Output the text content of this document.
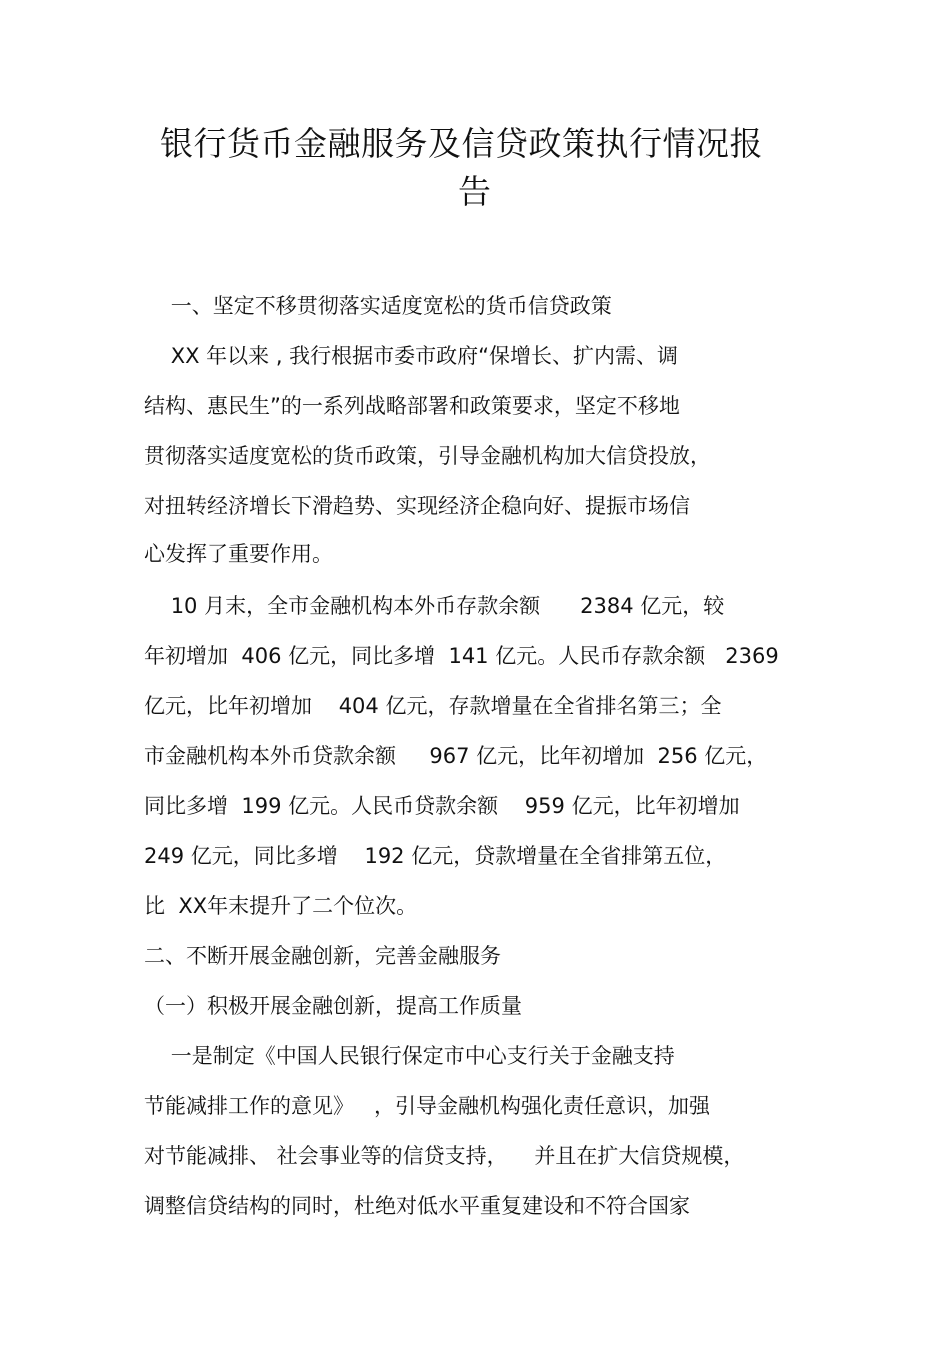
银行货币金融服务及信贷政策执行情况报
告
一、坚定不移贯彻落实适度宽松的货币信贷政策
XX 年以来 , 我行根据市委市政府“保增长、扩内需、调
结构、惠民生”的一系列战略部署和政策要求，坚定不移地
贯彻落实适度宽松的货币政策，引导金融机构加大信贷投放，
对扭转经济增长下滑趋势、实现经济企稳向好、提振市场信
心发挥了重要作用。
10 月末，全市金融机构本外币存款余额      2384 亿元，较
年初增加  406 亿元，同比多增  141 亿元。人民币存款余额   2369
亿元，比年初增加    404 亿元，存款增量在全省排名第三；全
市金融机构本外币贷款余额     967 亿元，比年初增加  256 亿元，
同比多增  199 亿元。人民币贷款余额    959 亿元，比年初增加
249 亿元，同比多增    192 亿元，贷款增量在全省排第五位，
比  XX年末提升了二个位次。
二、不断开展金融创新，完善金融服务
（一）积极开展金融创新，提高工作质量
一是制定《中国人民银行保定市中心支行关于金融支持
节能减排工作的意见》   ，引导金融机构强化责任意识，加强
对节能减排、 社会事业等的信贷支持，    并且在扩大信贷规模，
调整信贷结构的同时，杜绝对低水平重复建设和不符合国家
